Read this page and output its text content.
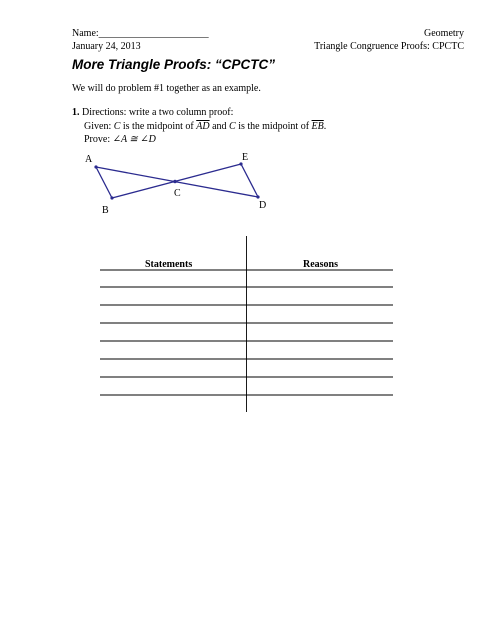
Name:______________________
January 24, 2013
Geometry
Triangle Congruence Proofs: CPCTC
More Triangle Proofs: “CPCTC”
We will do problem #1 together as an example.
1. Directions: write a two column proof:
Given: C is the midpoint of $\overline{AD}$ and C is the midpoint of $\overline{EB}$.
Prove: ∠A ≅ ∠D
A	E
C
B	D
Statements	Reasons
